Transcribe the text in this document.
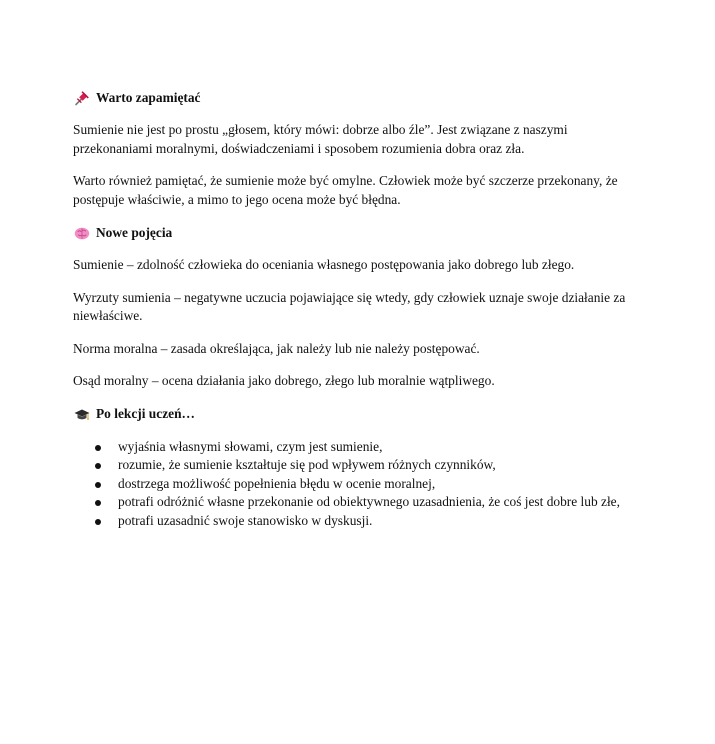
Warto zapamiętać

Sumienie nie jest po prostu „głosem, który mówi: dobrze albo źle”. Jest związane z naszymi przekonaniami moralnymi, doświadczeniami i sposobem rozumienia dobra oraz zła.

Warto również pamiętać, że sumienie może być omylne. Człowiek może być szczerze przekonany, że postępuje właściwie, a mimo to jego ocena może być błędna.

Nowe pojęcia

Sumienie – zdolność człowieka do oceniania własnego postępowania jako dobrego lub złego.

Wyrzuty sumienia – negatywne uczucia pojawiające się wtedy, gdy człowiek uznaje swoje działanie za niewłaściwe.

Norma moralna – zasada określająca, jak należy lub nie należy postępować.

Osąd moralny – ocena działania jako dobrego, złego lub moralnie wątpliwego.

Po lekcji uczeń…
wyjaśnia własnymi słowami, czym jest sumienie,
rozumie, że sumienie kształtuje się pod wpływem różnych czynników,
dostrzega możliwość popełnienia błędu w ocenie moralnej,
potrafi odróżnić własne przekonanie od obiektywnego uzasadnienia, że coś jest dobre lub złe,
potrafi uzasadnić swoje stanowisko w dyskusji.
